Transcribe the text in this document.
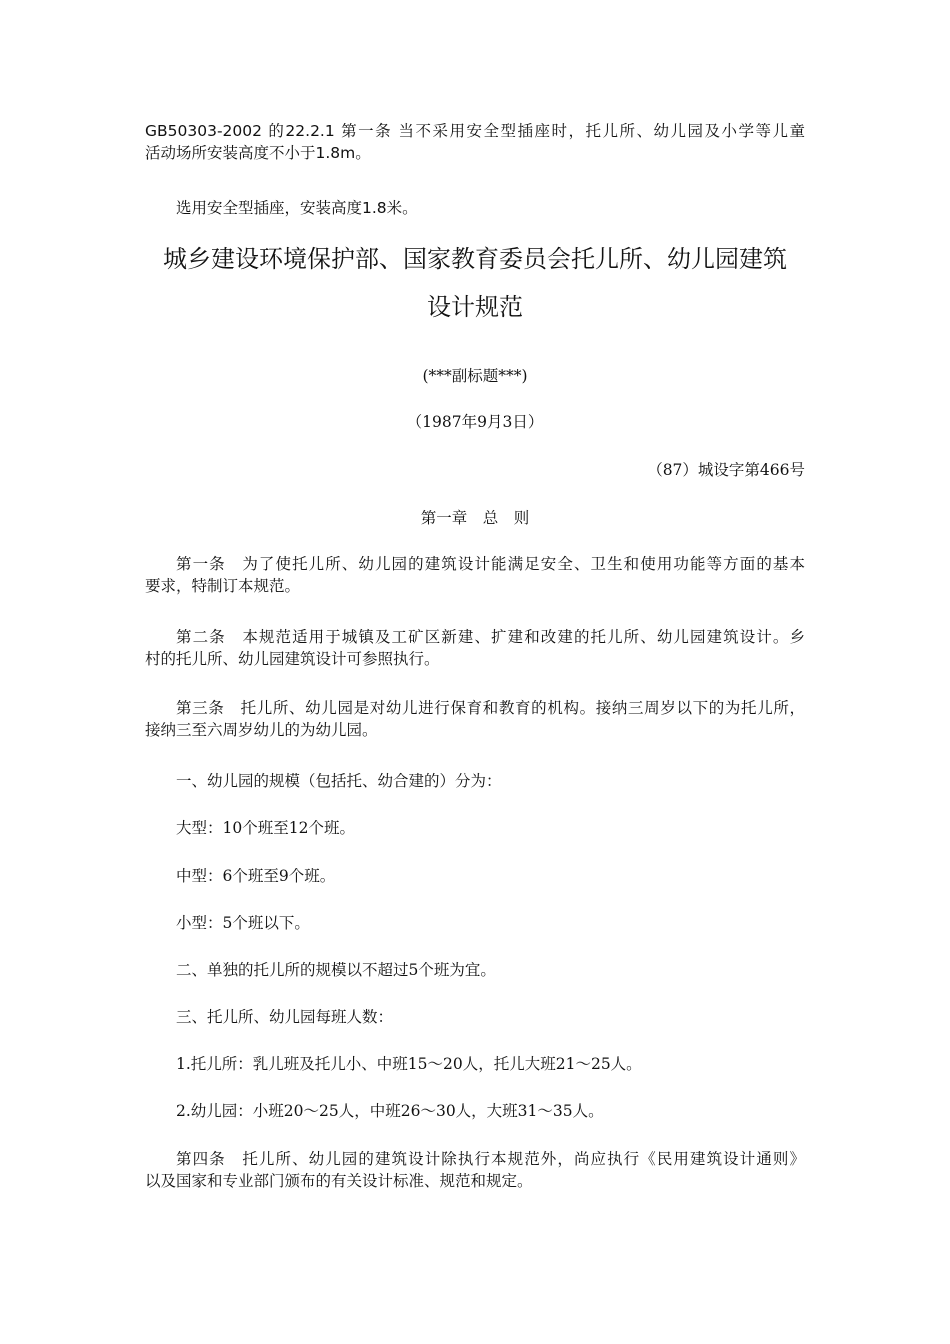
GB50303-2002 的22.2.1 第一条 当不采用安全型插座时，托儿所、幼儿园及小学等儿童
活动场所安装高度不小于1.8m。
选用安全型插座，安装高度1.8米。
城乡建设环境保护部、国家教育委员会托儿所、幼儿园建筑
设计规范
(***副标题***)
（1987年9月3日）
（87）城设字第466号
第一章　总　则
第一条　为了使托儿所、幼儿园的建筑设计能满足安全、卫生和使用功能等方面的基本
要求，特制订本规范。
第二条　本规范适用于城镇及工矿区新建、扩建和改建的托儿所、幼儿园建筑设计。乡
村的托儿所、幼儿园建筑设计可参照执行。
第三条　托儿所、幼儿园是对幼儿进行保育和教育的机构。接纳三周岁以下的为托儿所，
接纳三至六周岁幼儿的为幼儿园。
一、幼儿园的规模（包括托、幼合建的）分为：
大型：10个班至12个班。
中型：6个班至9个班。
小型：5个班以下。
二、单独的托儿所的规模以不超过5个班为宜。
三、托儿所、幼儿园每班人数：
1.托儿所：乳儿班及托儿小、中班15～20人，托儿大班21～25人。
2.幼儿园：小班20～25人，中班26～30人，大班31～35人。
第四条　托儿所、幼儿园的建筑设计除执行本规范外，尚应执行《民用建筑设计通则》
以及国家和专业部门颁布的有关设计标准、规范和规定。
